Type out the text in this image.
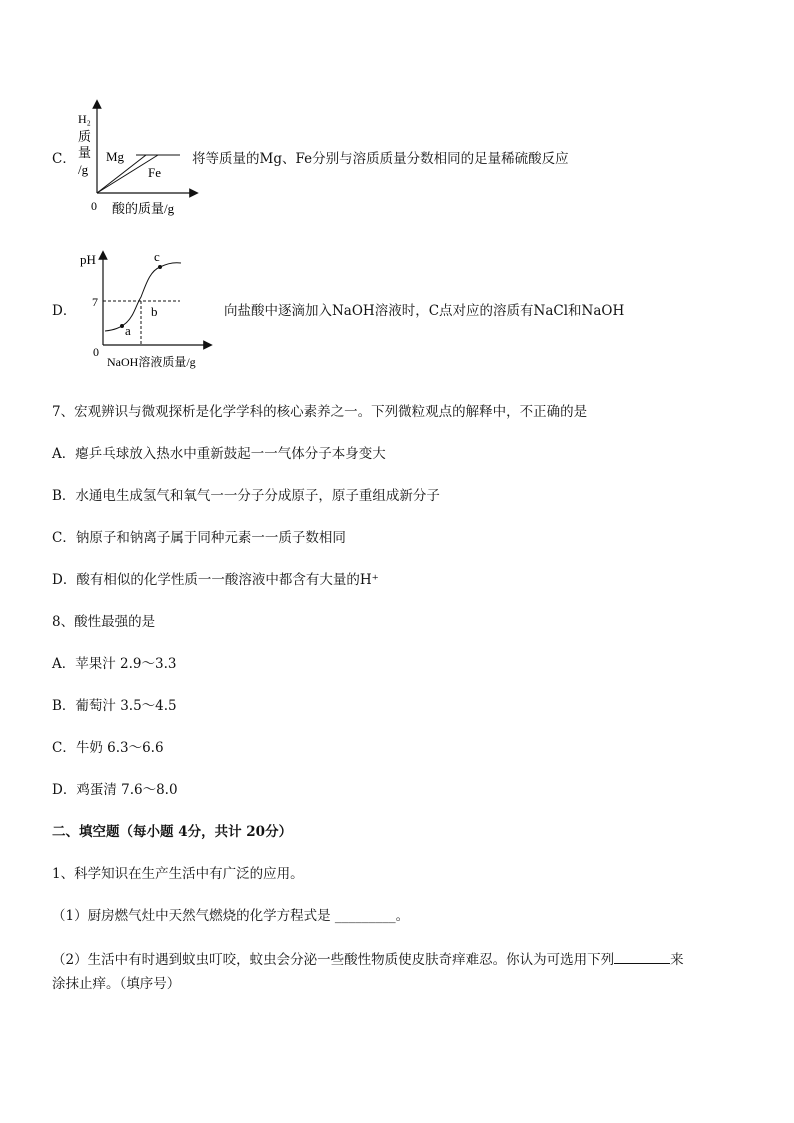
C．
H₂
质
量
/g
0 酸的质量/g
Mg
Fe
将等质量的Mg、Fe分别与溶质质量分数相同的足量稀硫酸反应
D．
pH
7
0
NaOH溶液质量/g
a
b
c
向盐酸中逐滴加入NaOH溶液时，C点对应的溶质有NaCl和NaOH
7、宏观辨识与微观探析是化学学科的核心素养之一。下列微粒观点的解释中，不正确的是
A．瘪乒乓球放入热水中重新鼓起一一气体分子本身变大
B．水通电生成氢气和氧气一一分子分成原子，原子重组成新分子
C．钠原子和钠离子属于同种元素一一质子数相同
D．酸有相似的化学性质一一酸溶液中都含有大量的H⁺
8、酸性最强的是
A．苹果汁 2.9～3.3
B．葡萄汁 3.5～4.5
C．牛奶 6.3～6.6
D．鸡蛋清 7.6～8.0
二、填空题（每小题 4分，共计 20分）
1、科学知识在生产生活中有广泛的应用。
（1）厨房燃气灶中天然气燃烧的化学方程式是 _________。
（2）生活中有时遇到蚊虫叮咬，蚊虫会分泌一些酸性物质使皮肤奇痒难忍。你认为可选用下列	来
涂抹止痒。（填序号）
